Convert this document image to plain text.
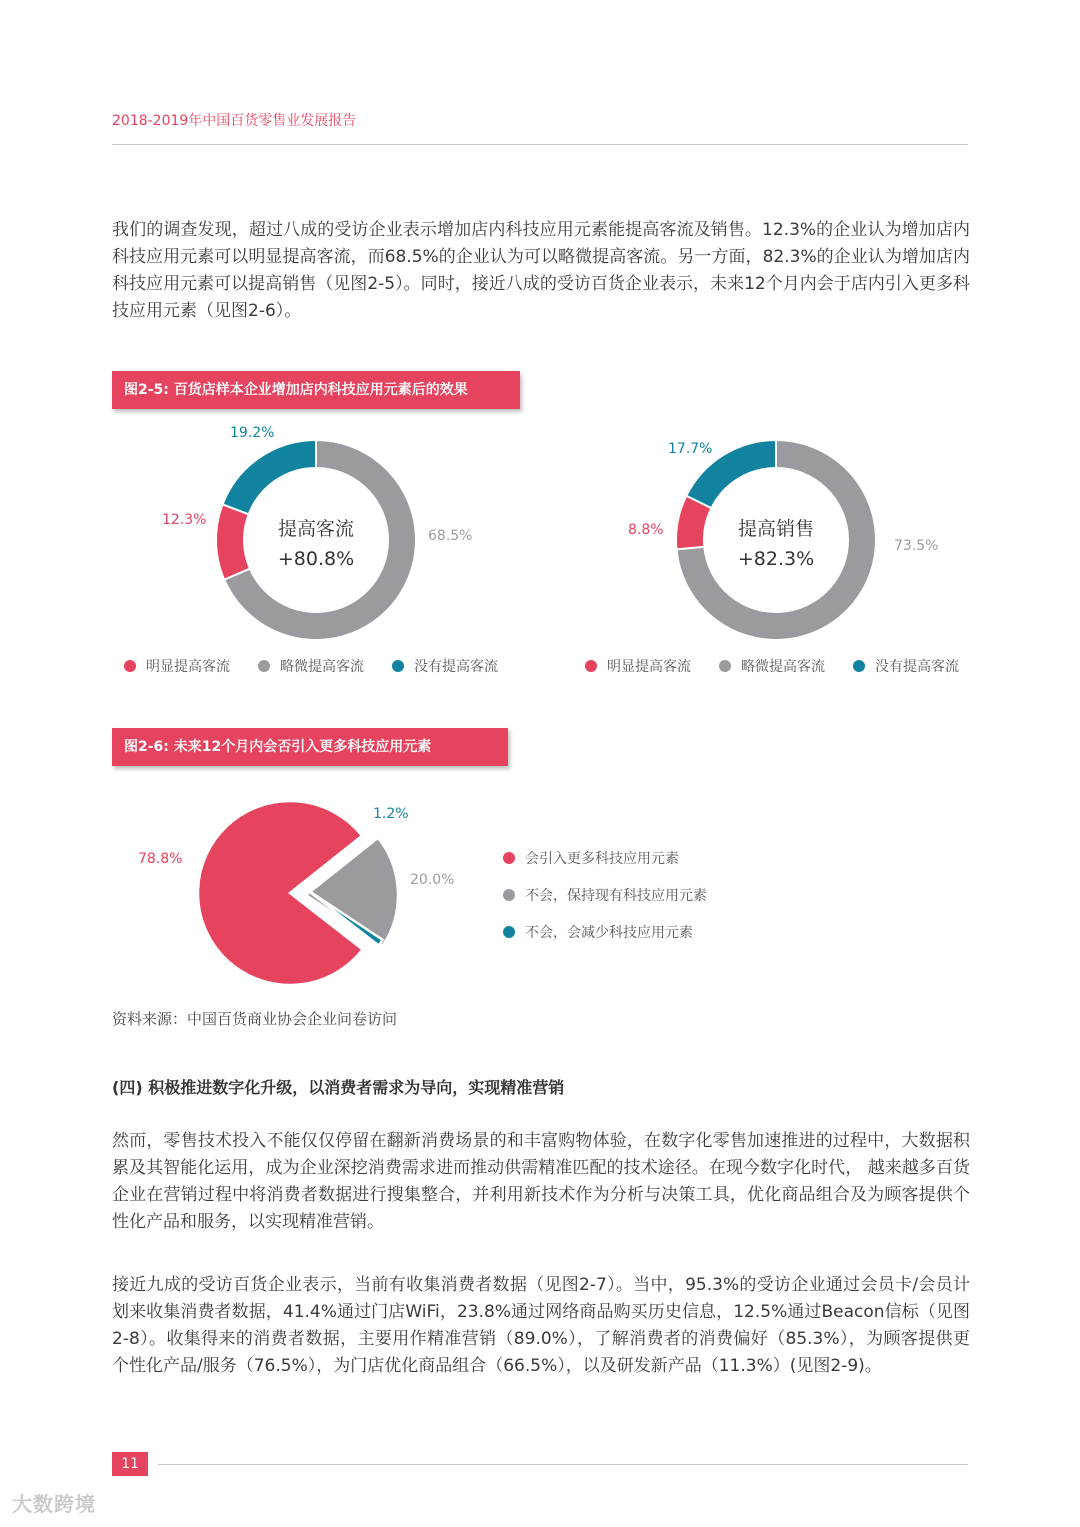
2018-2019年中国百货零售业发展报告
我们的调查发现，超过八成的受访企业表示增加店内科技应用元素能提高客流及销售。12.3%的企业认为增加店内科技应用元素可以明显提高客流，而68.5%的企业认为可以略微提高客流。另一方面，82.3%的企业认为增加店内科技应用元素可以提高销售（见图2-5）。同时，接近八成的受访百货企业表示，未来12个月内会于店内引入更多科技应用元素（见图2-6）。
图2-5: 百货店样本企业增加店内科技应用元素后的效果
提高客流
+80.8%
12.3%
68.5%
19.2%
提高销售
+82.3%
8.8%
73.5%
17.7%
明显提高客流	略微提高客流	没有提高客流	明显提高客流	略微提高客流	没有提高客流
图2-6: 未来12个月内会否引入更多科技应用元素
78.8%
20.0%
1.2%
会引入更多科技应用元素
不会，保持现有科技应用元素
不会，会减少科技应用元素
资料来源：中国百货商业协会企业问卷访问
(四) 积极推进数字化升级，以消费者需求为导向，实现精准营销
然而，零售技术投入不能仅仅停留在翻新消费场景的和丰富购物体验，在数字化零售加速推进的过程中，大数据积累及其智能化运用，成为企业深挖消费需求进而推动供需精准匹配的技术途径。在现今数字化时代， 越来越多百货企业在营销过程中将消费者数据进行搜集整合，并利用新技术作为分析与决策工具，优化商品组合及为顾客提供个性化产品和服务，以实现精准营销。
接近九成的受访百货企业表示，当前有收集消费者数据（见图2-7）。当中，95.3%的受访企业通过会员卡/会员计划来收集消费者数据，41.4%通过门店WiFi，23.8%通过网络商品购买历史信息，12.5%通过Beacon信标（见图2-8）。收集得来的消费者数据，主要用作精准营销（89.0%），了解消费者的消费偏好（85.3%），为顾客提供更个性化产品/服务（76.5%），为门店优化商品组合（66.5%），以及研发新产品（11.3%）(见图2-9)。
11
大数跨境
